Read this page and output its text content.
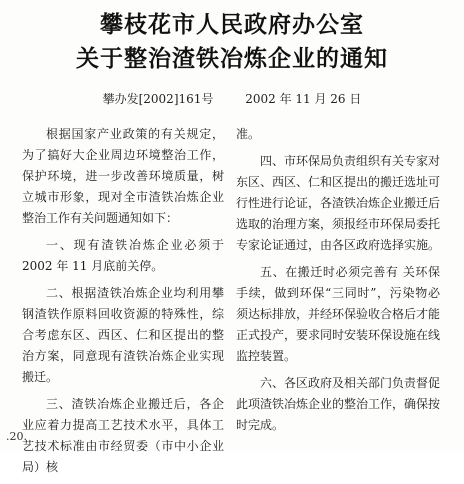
攀枝花市人民政府办公室
关于整治渣铁冶炼企业的通知
攀办发[2002]161号	2002 年 11 月 26 日

根据国家产业政策的有关规定，为了搞好大企业周边环境整治工作，保护环境，进一步改善环境质量，树立城市形象，现对全市渣铁冶炼企业整治工作有关问题通知如下：

一、现有渣铁冶炼企业必须于 2002 年 11 月底前关停。

二、根据渣铁冶炼企业均利用攀钢渣铁作原料回收资源的特殊性，综合考虑东区、西区、仁和区提出的整治方案，同意现有渣铁冶炼企业实现搬迁。

三、渣铁冶炼企业搬迁后，各企业应着力提高工艺技术水平，具体工艺技术标准由市经贸委（市中小企业局）核

准。

四、市环保局负责组织有关专家对东区、西区、仁和区提出的搬迁选址可行性进行论证，各渣铁冶炼企业搬迁后选取的治理方案，须报经市环保局委托专家论证通过，由各区政府选择实施。

五、在搬迁时必须完善有 关环保手续，做到环保“三同时”，污染物必须达标排放，并经环保验收合格后才能正式投产，要求同时安装环保设施在线监控装置。

六、各区政府及相关部门负责督促此项渣铁冶炼企业的整治工作，确保按时完成。

.20.
